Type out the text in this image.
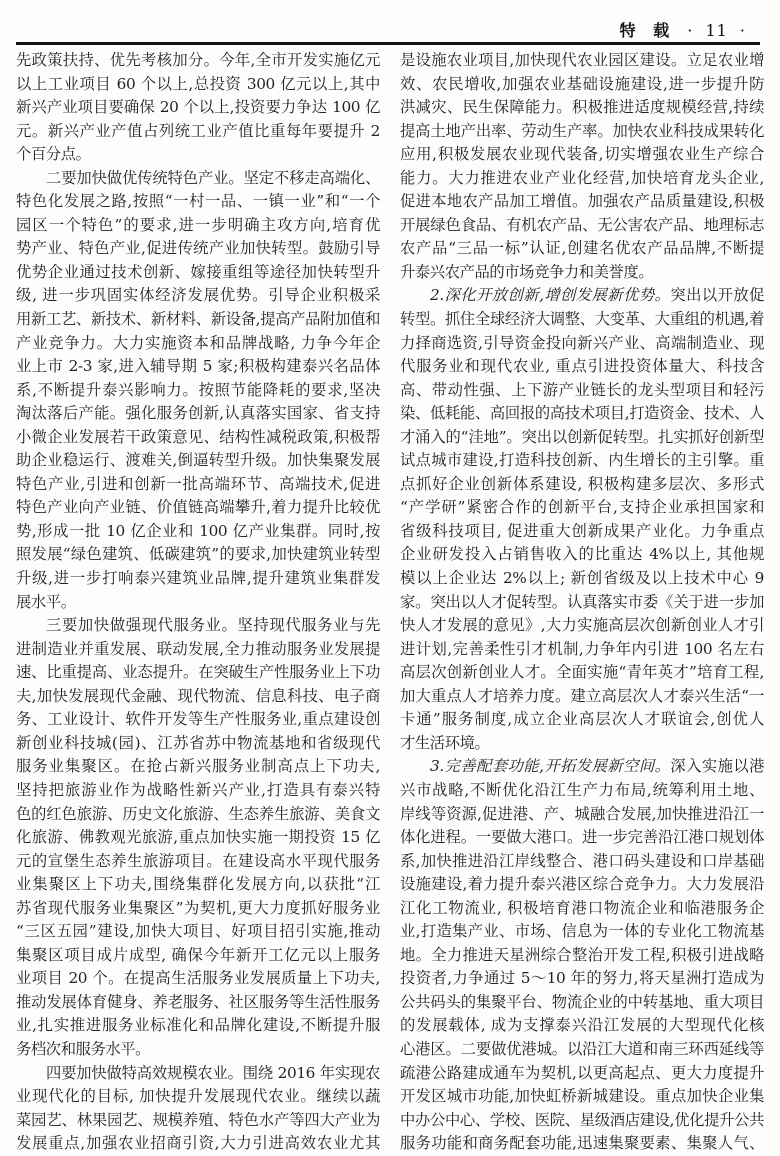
特 载 · 11 ·
先政策扶持、优先考核加分。今年,全市开发实施亿元
以上工业项目 60 个以上,总投资 300 亿元以上,其中
新兴产业项目要确保 20 个以上,投资要力争达 100 亿
元。新兴产业产值占列统工业产值比重每年要提升 2
个百分点。
二要加快做优传统特色产业。坚定不移走高端化、
特色化发展之路,按照“一村一品、一镇一业”和“一个
园区一个特色”的要求,进一步明确主攻方向,培育优
势产业、特色产业,促进传统产业加快转型。鼓励引导
优势企业通过技术创新、嫁接重组等途径加快转型升
级, 进一步巩固实体经济发展优势。引导企业积极采
用新工艺、新技术、新材料、新设备,提高产品附加值和
产业竞争力。大力实施资本和品牌战略, 力争今年企
业上市 2-3 家,进入辅导期 5 家;积极构建泰兴名品体
系,不断提升泰兴影响力。按照节能降耗的要求,坚决
淘汰落后产能。强化服务创新,认真落实国家、省支持
小微企业发展若干政策意见、结构性减税政策,积极帮
助企业稳运行、渡难关,倒逼转型升级。加快集聚发展
特色产业,引进和创新一批高端环节、高端技术,促进
特色产业向产业链、价值链高端攀升,着力提升比较优
势,形成一批 10 亿企业和 100 亿产业集群。同时,按
照发展“绿色建筑、低碳建筑”的要求,加快建筑业转型
升级,进一步打响泰兴建筑业品牌,提升建筑业集群发
展水平。
三要加快做强现代服务业。坚持现代服务业与先
进制造业并重发展、联动发展,全力推动服务业发展提
速、比重提高、业态提升。在突破生产性服务业上下功
夫,加快发展现代金融、现代物流、信息科技、电子商
务、工业设计、软件开发等生产性服务业,重点建设创
新创业科技城(园)、江苏省苏中物流基地和省级现代
服务业集聚区。在抢占新兴服务业制高点上下功夫,
坚持把旅游业作为战略性新兴产业,打造具有泰兴特
色的红色旅游、历史文化旅游、生态养生旅游、美食文
化旅游、佛教观光旅游,重点加快实施一期投资 15 亿
元的宣堡生态养生旅游项目。在建设高水平现代服务
业集聚区上下功夫,围绕集群化发展方向,以获批“江
苏省现代服务业集聚区”为契机,更大力度抓好服务业
“三区五园”建设,加快大项目、好项目招引实施,推动
集聚区项目成片成型, 确保今年新开工亿元以上服务
业项目 20 个。在提高生活服务业发展质量上下功夫,
推动发展体育健身、养老服务、社区服务等生活性服务
业,扎实推进服务业标准化和品牌化建设,不断提升服
务档次和服务水平。
四要加快做特高效规模农业。围绕 2016 年实现农
业现代化的目标, 加快提升发展现代农业。继续以蔬
菜园艺、林果园艺、规模养殖、特色水产等四大产业为
发展重点,加强农业招商引资,大力引进高效农业尤其
是设施农业项目,加快现代农业园区建设。立足农业增
效、农民增收,加强农业基础设施建设,进一步提升防
洪减灾、民生保障能力。积极推进适度规模经营,持续
提高土地产出率、劳动生产率。加快农业科技成果转化
应用,积极发展农业现代装备,切实增强农业生产综合
能力。大力推进农业产业化经营,加快培育龙头企业,
促进本地农产品加工增值。加强农产品质量建设,积极
开展绿色食品、有机农产品、无公害农产品、地理标志
农产品“三品一标”认证,创建名优农产品品牌,不断提
升泰兴农产品的市场竞争力和美誉度。
2.深化开放创新,增创发展新优势。突出以开放促
转型。抓住全球经济大调整、大变革、大重组的机遇,着
力择商选资,引导资金投向新兴产业、高端制造业、现
代服务业和现代农业, 重点引进投资体量大、科技含
高、带动性强、上下游产业链长的龙头型项目和轻污
染、低耗能、高回报的高技术项目,打造资金、技术、人
才涌入的“洼地”。突出以创新促转型。扎实抓好创新型
试点城市建设,打造科技创新、内生增长的主引擎。重
点抓好企业创新体系建设, 积极构建多层次、多形式
“产学研”紧密合作的创新平台,支持企业承担国家和
省级科技项目, 促进重大创新成果产业化。力争重点
企业研发投入占销售收入的比重达 4%以上, 其他规
模以上企业达 2%以上; 新创省级及以上技术中心 9
家。突出以人才促转型。认真落实市委《关于进一步加
快人才发展的意见》,大力实施高层次创新创业人才引
进计划,完善柔性引才机制,力争年内引进 100 名左右
高层次创新创业人才。全面实施“青年英才”培育工程,
加大重点人才培养力度。建立高层次人才泰兴生活“一
卡通”服务制度,成立企业高层次人才联谊会,创优人
才生活环境。
3.完善配套功能,开拓发展新空间。深入实施以港
兴市战略,不断优化沿江生产力布局,统筹利用土地、
岸线等资源,促进港、产、城融合发展,加快推进沿江一
体化进程。一要做大港口。进一步完善沿江港口规划体
系,加快推进沿江岸线整合、港口码头建设和口岸基础
设施建设,着力提升泰兴港区综合竞争力。大力发展沿
江化工物流业, 积极培育港口物流企业和临港服务企
业,打造集产业、市场、信息为一体的专业化工物流基
地。全力推进天星洲综合整治开发工程,积极引进战略
投资者,力争通过 5～10 年的努力,将天星洲打造成为
公共码头的集聚平台、物流企业的中转基地、重大项目
的发展载体, 成为支撑泰兴沿江发展的大型现代化核
心港区。二要做优港城。以沿江大道和南三环西延线等
疏港公路建成通车为契机,以更高起点、更大力度提升
开发区城市功能,加快虹桥新城建设。重点加快企业集
中办公中心、学校、医院、星级酒店建设,优化提升公共
服务功能和商务配套功能,迅速集聚要素、集聚人气、
